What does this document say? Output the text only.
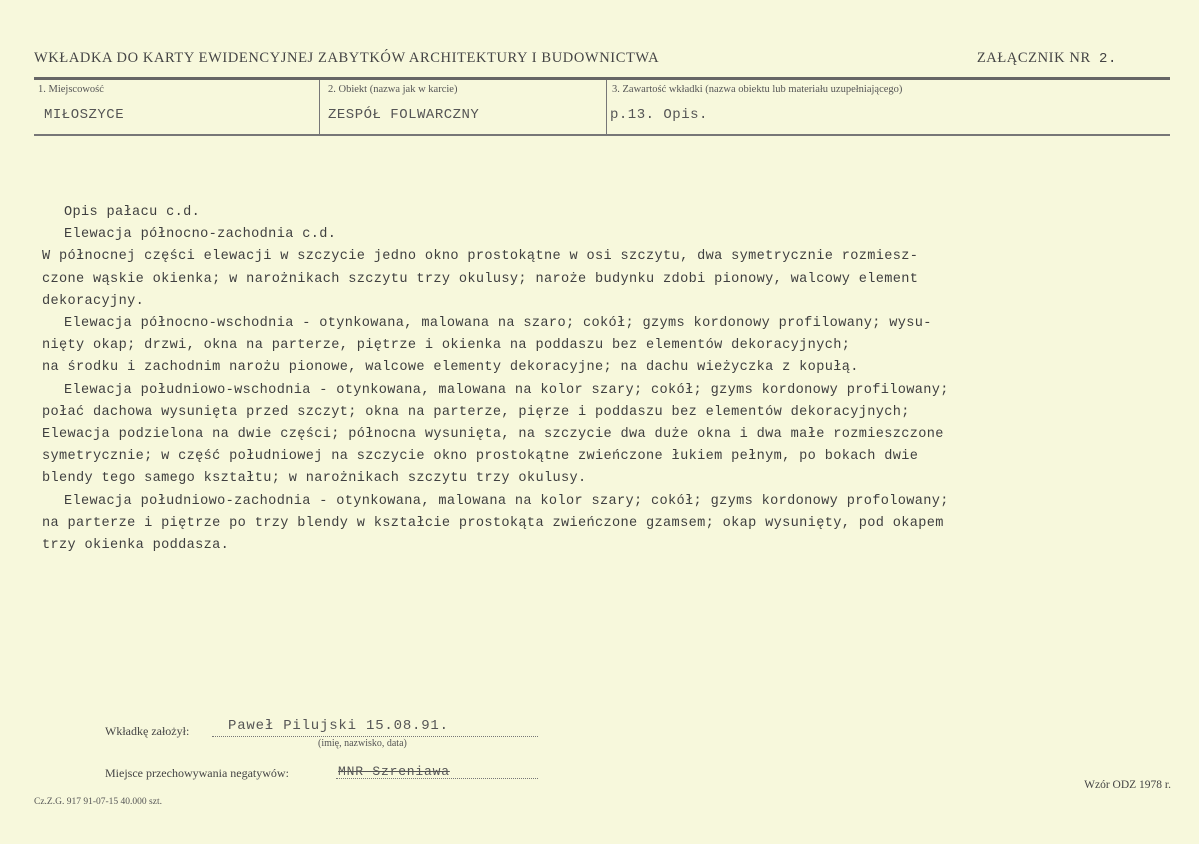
WKŁADKA DO KARTY EWIDENCYJNEJ ZABYTKÓW ARCHITEKTURY I BUDOWNICTWA	ZAŁĄCZNIK NR 2.
1. Miejscowość
MIŁOSZYCE
2. Obiekt (nazwa jak w karcie)
ZESPÓŁ FOLWARCZNY
3. Zawartość wkładki (nazwa obiektu lub materiału uzupełniającego)
p.13. Opis.
Opis pałacu c.d.
Elewacja północno-zachodnia c.d.
W północnej części elewacji w szczycie jedno okno prostokątne w osi szczytu, dwa symetrycznie rozmiesz-
czone wąskie okienka; w narożnikach szczytu trzy okulusy; naroże budynku zdobi pionowy, walcowy element
dekoracyjny.
Elewacja północno-wschodnia - otynkowana, malowana na szaro; cokół; gzyms kordonowy profilowany; wysu-
nięty okap; drzwi, okna na parterze, piętrze i okienka na poddaszu bez elementów dekoracyjnych;
na środku i zachodnim narożu pionowe, walcowe elementy dekoracyjne; na dachu wieżyczka z kopułą.
Elewacja południowo-wschodnia - otynkowana, malowana na kolor szary; cokół; gzyms kordonowy profilowany;
połać dachowa wysunięta przed szczyt; okna na parterze, pięrze i poddaszu bez elementów dekoracyjnych;
Elewacja podzielona na dwie części; północna wysunięta, na szczycie dwa duże okna i dwa małe rozmieszczone
symetrycznie; w część południowej na szczycie okno prostokątne zwieńczone łukiem pełnym, po bokach dwie
blendy tego samego kształtu; w narożnikach szczytu trzy okulusy.
Elewacja południowo-zachodnia - otynkowana, malowana na kolor szary; cokół; gzyms kordonowy profolowany;
na parterze i piętrze po trzy blendy w kształcie prostokąta zwieńczone gzamsem; okap wysunięty, pod okapem
trzy okienka poddasza.
Wkładkę założył:	Paweł Pilujski 15.08.91.
(imię, nazwisko, data)
Miejsce przechowywania negatywów:	MNR Szreniawa
Cz.Z.G. 917 91-07-15 40.000 szt.
Wzór ODZ 1978 r.
